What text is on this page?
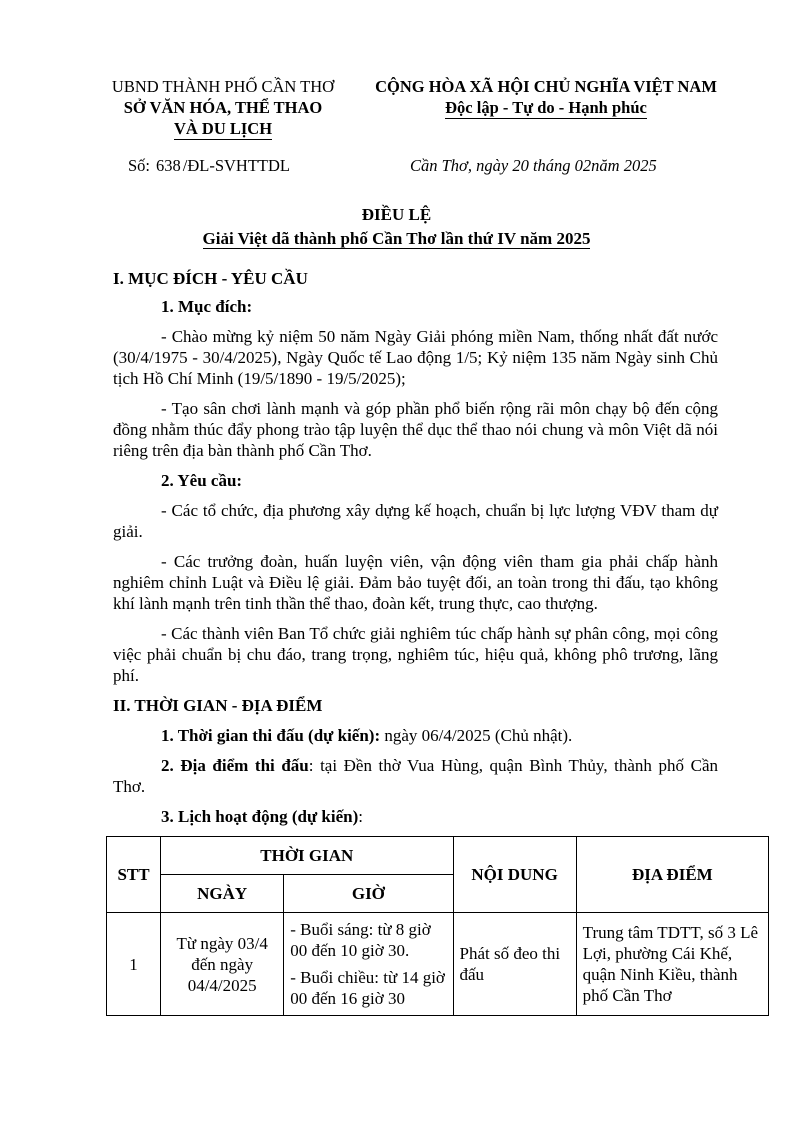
UBND THÀNH PHỐ CẦN THƠ
SỞ VĂN HÓA, THỂ THAO
VÀ DU LỊCH
CỘNG HÒA XÃ HỘI CHỦ NGHĨA VIỆT NAM
Độc lập - Tự do - Hạnh phúc
Số: 638 /ĐL-SVHTTDL	Cần Thơ, ngày 20 tháng 02năm 2025
ĐIỀU LỆ
Giải Việt dã thành phố Cần Thơ lần thứ IV năm 2025

I. MỤC ĐÍCH - YÊU CẦU

1. Mục đích:

- Chào mừng kỷ niệm 50 năm Ngày Giải phóng miền Nam, thống nhất đất nước (30/4/1975 - 30/4/2025), Ngày Quốc tế Lao động 1/5; Kỷ niệm 135 năm Ngày sinh Chủ tịch Hồ Chí Minh (19/5/1890 - 19/5/2025);

- Tạo sân chơi lành mạnh và góp phần phổ biến rộng rãi môn chạy bộ đến cộng đồng nhằm thúc đẩy phong trào tập luyện thể dục thể thao nói chung và môn Việt dã nói riêng trên địa bàn thành phố Cần Thơ.

2. Yêu cầu:

- Các tổ chức, địa phương xây dựng kế hoạch, chuẩn bị lực lượng VĐV tham dự giải.

- Các trưởng đoàn, huấn luyện viên, vận động viên tham gia phải chấp hành nghiêm chỉnh Luật và Điều lệ giải. Đảm bảo tuyệt đối, an toàn trong thi đấu, tạo không khí lành mạnh trên tinh thần thể thao, đoàn kết, trung thực, cao thượng.

- Các thành viên Ban Tổ chức giải nghiêm túc chấp hành sự phân công, mọi công việc phải chuẩn bị chu đáo, trang trọng, nghiêm túc, hiệu quả, không phô trương, lãng phí.

II. THỜI GIAN - ĐỊA ĐIỂM

1. Thời gian thi đấu (dự kiến): ngày 06/4/2025 (Chủ nhật).

2. Địa điểm thi đấu: tại Đền thờ Vua Hùng, quận Bình Thủy, thành phố Cần Thơ.

3. Lịch hoạt động (dự kiến):

STT	THỜI GIAN		NỘI DUNG	ĐỊA ĐIỂM
	NGÀY	GIỜ		
1	Từ ngày 03/4 đến ngày 04/4/2025	- Buổi sáng: từ 8 giờ 00 đến 10 giờ 30.

- Buổi chiều: từ 14 giờ 00 đến 16 giờ 30	Phát số đeo thi đấu	Trung tâm TDTT, số 3 Lê Lợi, phường Cái Khế, quận Ninh Kiều, thành phố Cần Thơ
